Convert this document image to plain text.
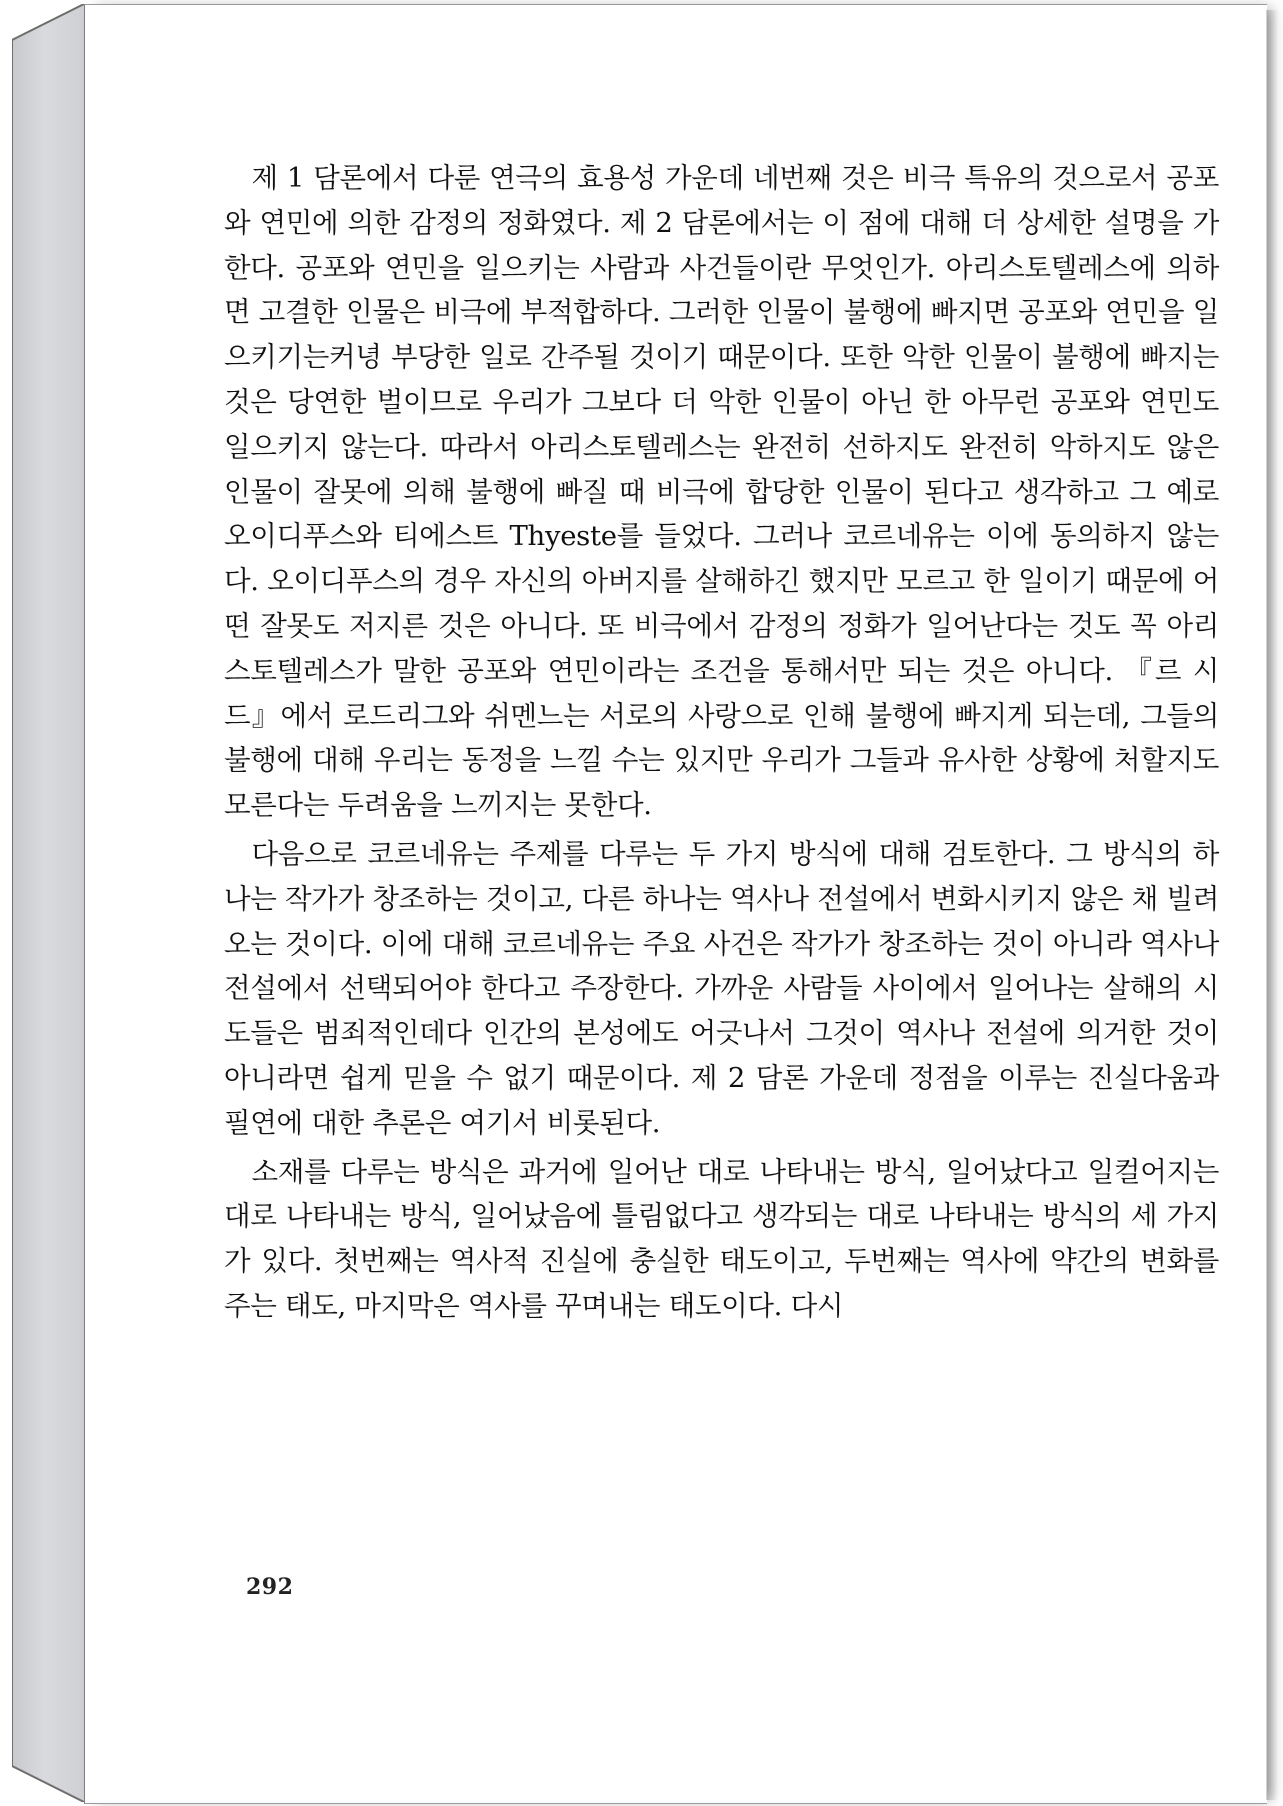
제 1 담론에서 다룬 연극의 효용성 가운데 네번째 것은 비극 특유의 것으로서 공포와 연민에 의한 감정의 정화였다. 제 2 담론에서는 이 점에 대해 더 상세한 설명을 가한다. 공포와 연민을 일으키는 사람과 사건들이란 무엇인가. 아리스토텔레스에 의하면 고결한 인물은 비극에 부적합하다. 그러한 인물이 불행에 빠지면 공포와 연민을 일으키기는커녕 부당한 일로 간주될 것이기 때문이다. 또한 악한 인물이 불행에 빠지는 것은 당연한 벌이므로 우리가 그보다 더 악한 인물이 아닌 한 아무런 공포와 연민도 일으키지 않는다. 따라서 아리스토텔레스는 완전히 선하지도 완전히 악하지도 않은 인물이 잘못에 의해 불행에 빠질 때 비극에 합당한 인물이 된다고 생각하고 그 예로 오이디푸스와 티에스트 Thyeste를 들었다. 그러나 코르네유는 이에 동의하지 않는다. 오이디푸스의 경우 자신의 아버지를 살해하긴 했지만 모르고 한 일이기 때문에 어떤 잘못도 저지른 것은 아니다. 또 비극에서 감정의 정화가 일어난다는 것도 꼭 아리스토텔레스가 말한 공포와 연민이라는 조건을 통해서만 되는 것은 아니다. 『르 시드』에서 로드리그와 쉬멘느는 서로의 사랑으로 인해 불행에 빠지게 되는데, 그들의 불행에 대해 우리는 동정을 느낄 수는 있지만 우리가 그들과 유사한 상황에 처할지도 모른다는 두려움을 느끼지는 못한다.

다음으로 코르네유는 주제를 다루는 두 가지 방식에 대해 검토한다. 그 방식의 하나는 작가가 창조하는 것이고, 다른 하나는 역사나 전설에서 변화시키지 않은 채 빌려오는 것이다. 이에 대해 코르네유는 주요 사건은 작가가 창조하는 것이 아니라 역사나 전설에서 선택되어야 한다고 주장한다. 가까운 사람들 사이에서 일어나는 살해의 시도들은 범죄적인데다 인간의 본성에도 어긋나서 그것이 역사나 전설에 의거한 것이 아니라면 쉽게 믿을 수 없기 때문이다. 제 2 담론 가운데 정점을 이루는 진실다움과 필연에 대한 추론은 여기서 비롯된다.

소재를 다루는 방식은 과거에 일어난 대로 나타내는 방식, 일어났다고 일컬어지는 대로 나타내는 방식, 일어났음에 틀림없다고 생각되는 대로 나타내는 방식의 세 가지가 있다. 첫번째는 역사적 진실에 충실한 태도이고, 두번째는 역사에 약간의 변화를 주는 태도, 마지막은 역사를 꾸며내는 태도이다. 다시

292
